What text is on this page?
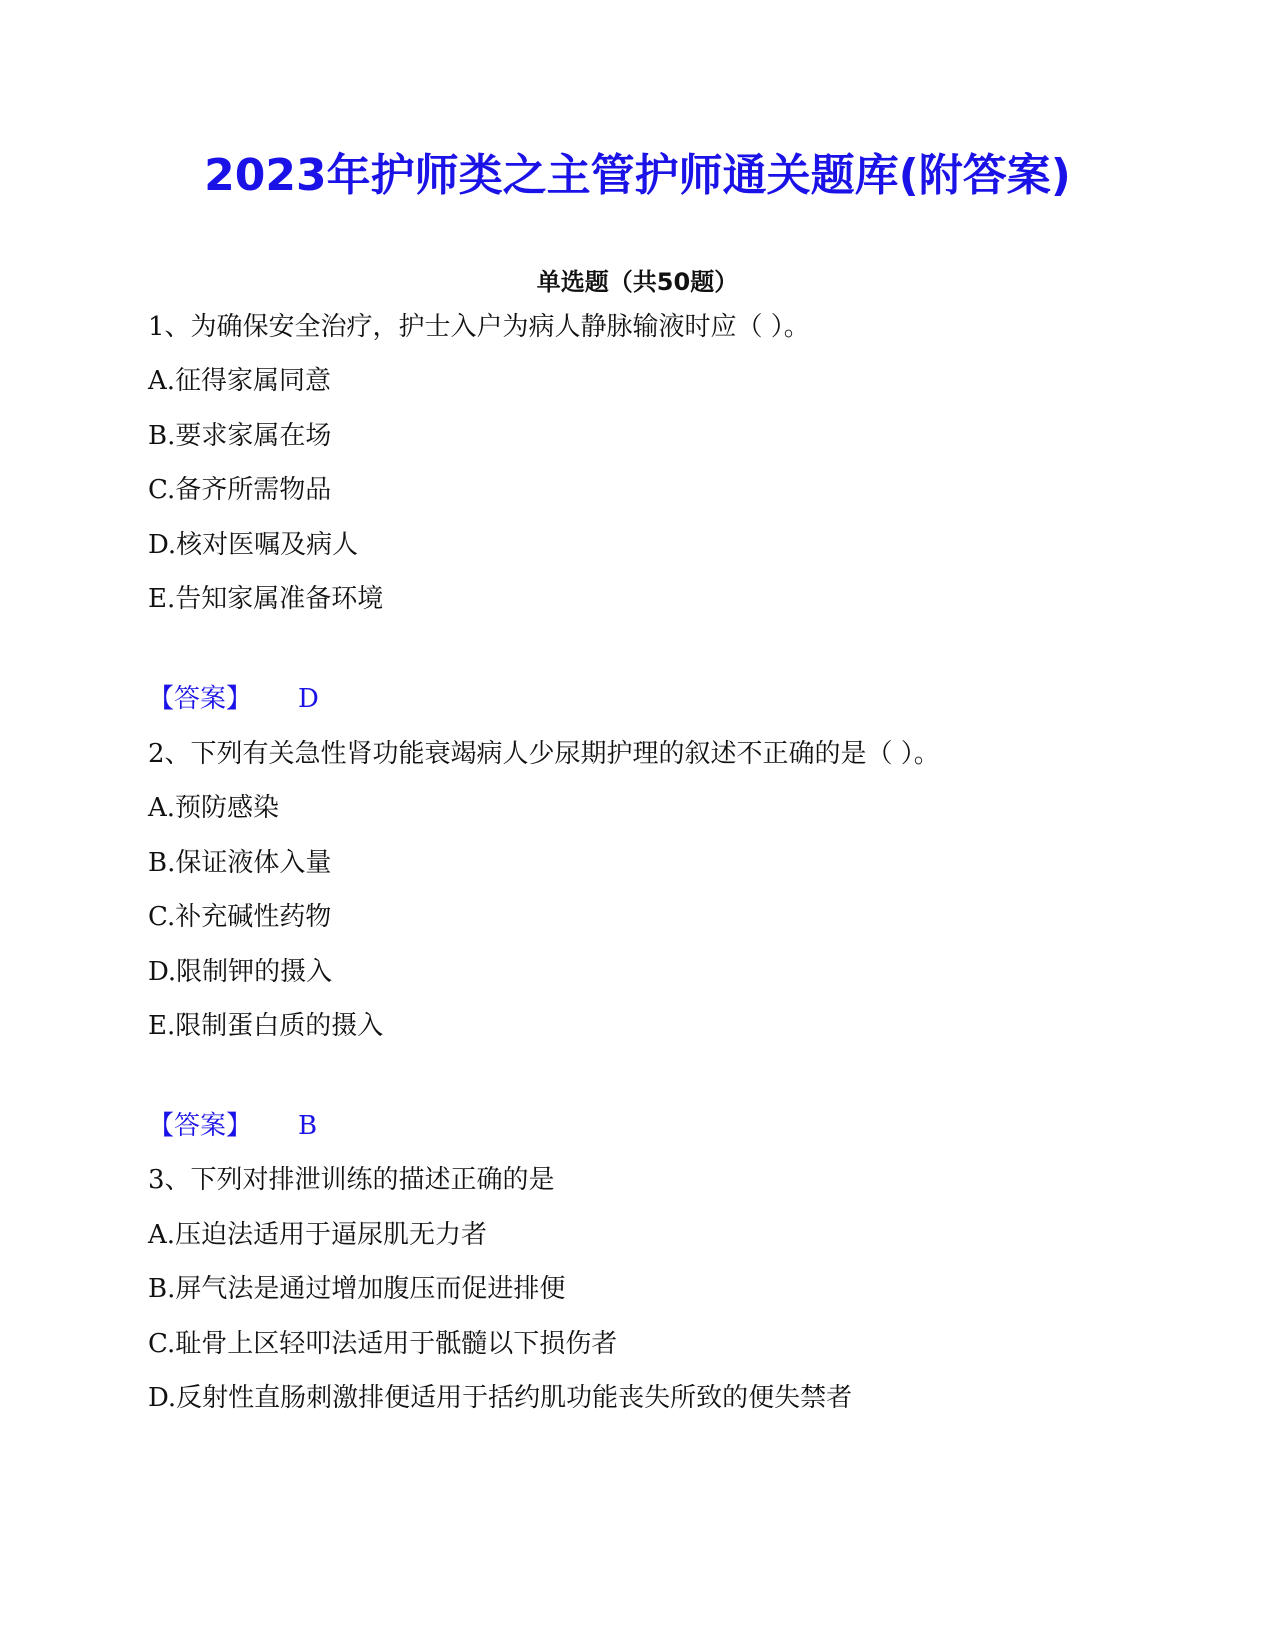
2023年护师类之主管护师通关题库(附答案)
单选题（共50题）
1、为确保安全治疗，护士入户为病人静脉输液时应（ ）。
A.征得家属同意
B.要求家属在场
C.备齐所需物品
D.核对医嘱及病人
E.告知家属准备环境
【答案】 D
2、下列有关急性肾功能衰竭病人少尿期护理的叙述不正确的是（ ）。
A.预防感染
B.保证液体入量
C.补充碱性药物
D.限制钾的摄入
E.限制蛋白质的摄入
【答案】 B
3、下列对排泄训练的描述正确的是
A.压迫法适用于逼尿肌无力者
B.屏气法是通过增加腹压而促进排便
C.耻骨上区轻叩法适用于骶髓以下损伤者
D.反射性直肠刺激排便适用于括约肌功能丧失所致的便失禁者
